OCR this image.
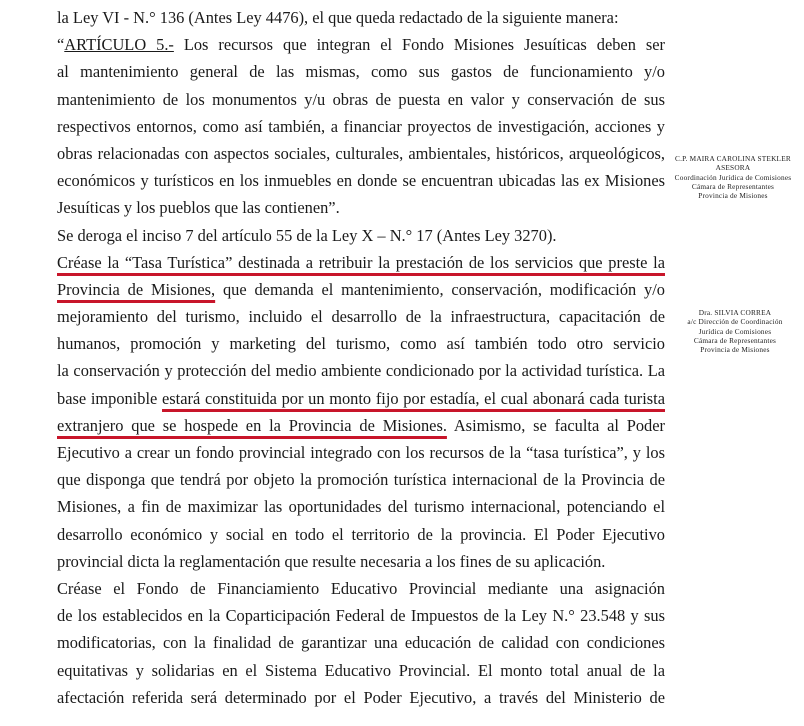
la Ley VI - N.° 136 (Antes Ley 4476), el que queda redactado de la siguiente manera:
“ARTÍCULO 5.- Los recursos que integran el Fondo Misiones Jesuíticas deben ser
al mantenimiento general de las mismas, como sus gastos de funcionamiento y/o
mantenimiento de los monumentos y/u obras de puesta en valor y conservación de sus
respectivos entornos, como así también, a financiar proyectos de investigación, acciones y
obras relacionadas con aspectos sociales, culturales, ambientales, históricos, arqueológicos,
económicos y turísticos en los inmuebles en donde se encuentran ubicadas las ex Misiones
Jesuíticas y los pueblos que las contienen”.
Se deroga el inciso 7 del artículo 55 de la Ley X – N.° 17 (Antes Ley 3270).
Créase la “Tasa Turística” destinada a retribuir la prestación de los servicios que preste la
Provincia de Misiones, que demanda el mantenimiento, conservación, modificación y/o
mejoramiento del turismo, incluido el desarrollo de la infraestructura, capacitación de
humanos, promoción y marketing del turismo, como así también todo otro servicio
la conservación y protección del medio ambiente condicionado por la actividad turística. La
base imponible estará constituida por un monto fijo por estadía, el cual abonará cada turista
extranjero que se hospede en la Provincia de Misiones. Asimismo, se faculta al Poder
Ejecutivo a crear un fondo provincial integrado con los recursos de la “tasa turística”, y los
que disponga que tendrá por objeto la promoción turística internacional de la Provincia de
Misiones, a fin de maximizar las oportunidades del turismo internacional, potenciando el
desarrollo económico y social en todo el territorio de la provincia. El Poder Ejecutivo
provincial dicta la reglamentación que resulte necesaria a los fines de su aplicación.
Créase el Fondo de Financiamiento Educativo Provincial mediante una asignación
de los establecidos en la Coparticipación Federal de Impuestos de la Ley N.° 23.548 y sus
modificatorias, con la finalidad de garantizar una educación de calidad con condiciones
equitativas y solidarias en el Sistema Educativo Provincial. El monto total anual de la
afectación referida será determinado por el Poder Ejecutivo, a través del Ministerio de
C.P. MAIRA CAROLINA STEKLER
ASESORA
Coordinación Jurídica de Comisiones
Cámara de Representantes
Provincia de Misiones
Dra. SILVIA CORREA
a/c Dirección de Coordinación
Jurídica de Comisiones
Cámara de Representantes
Provincia de Misiones
